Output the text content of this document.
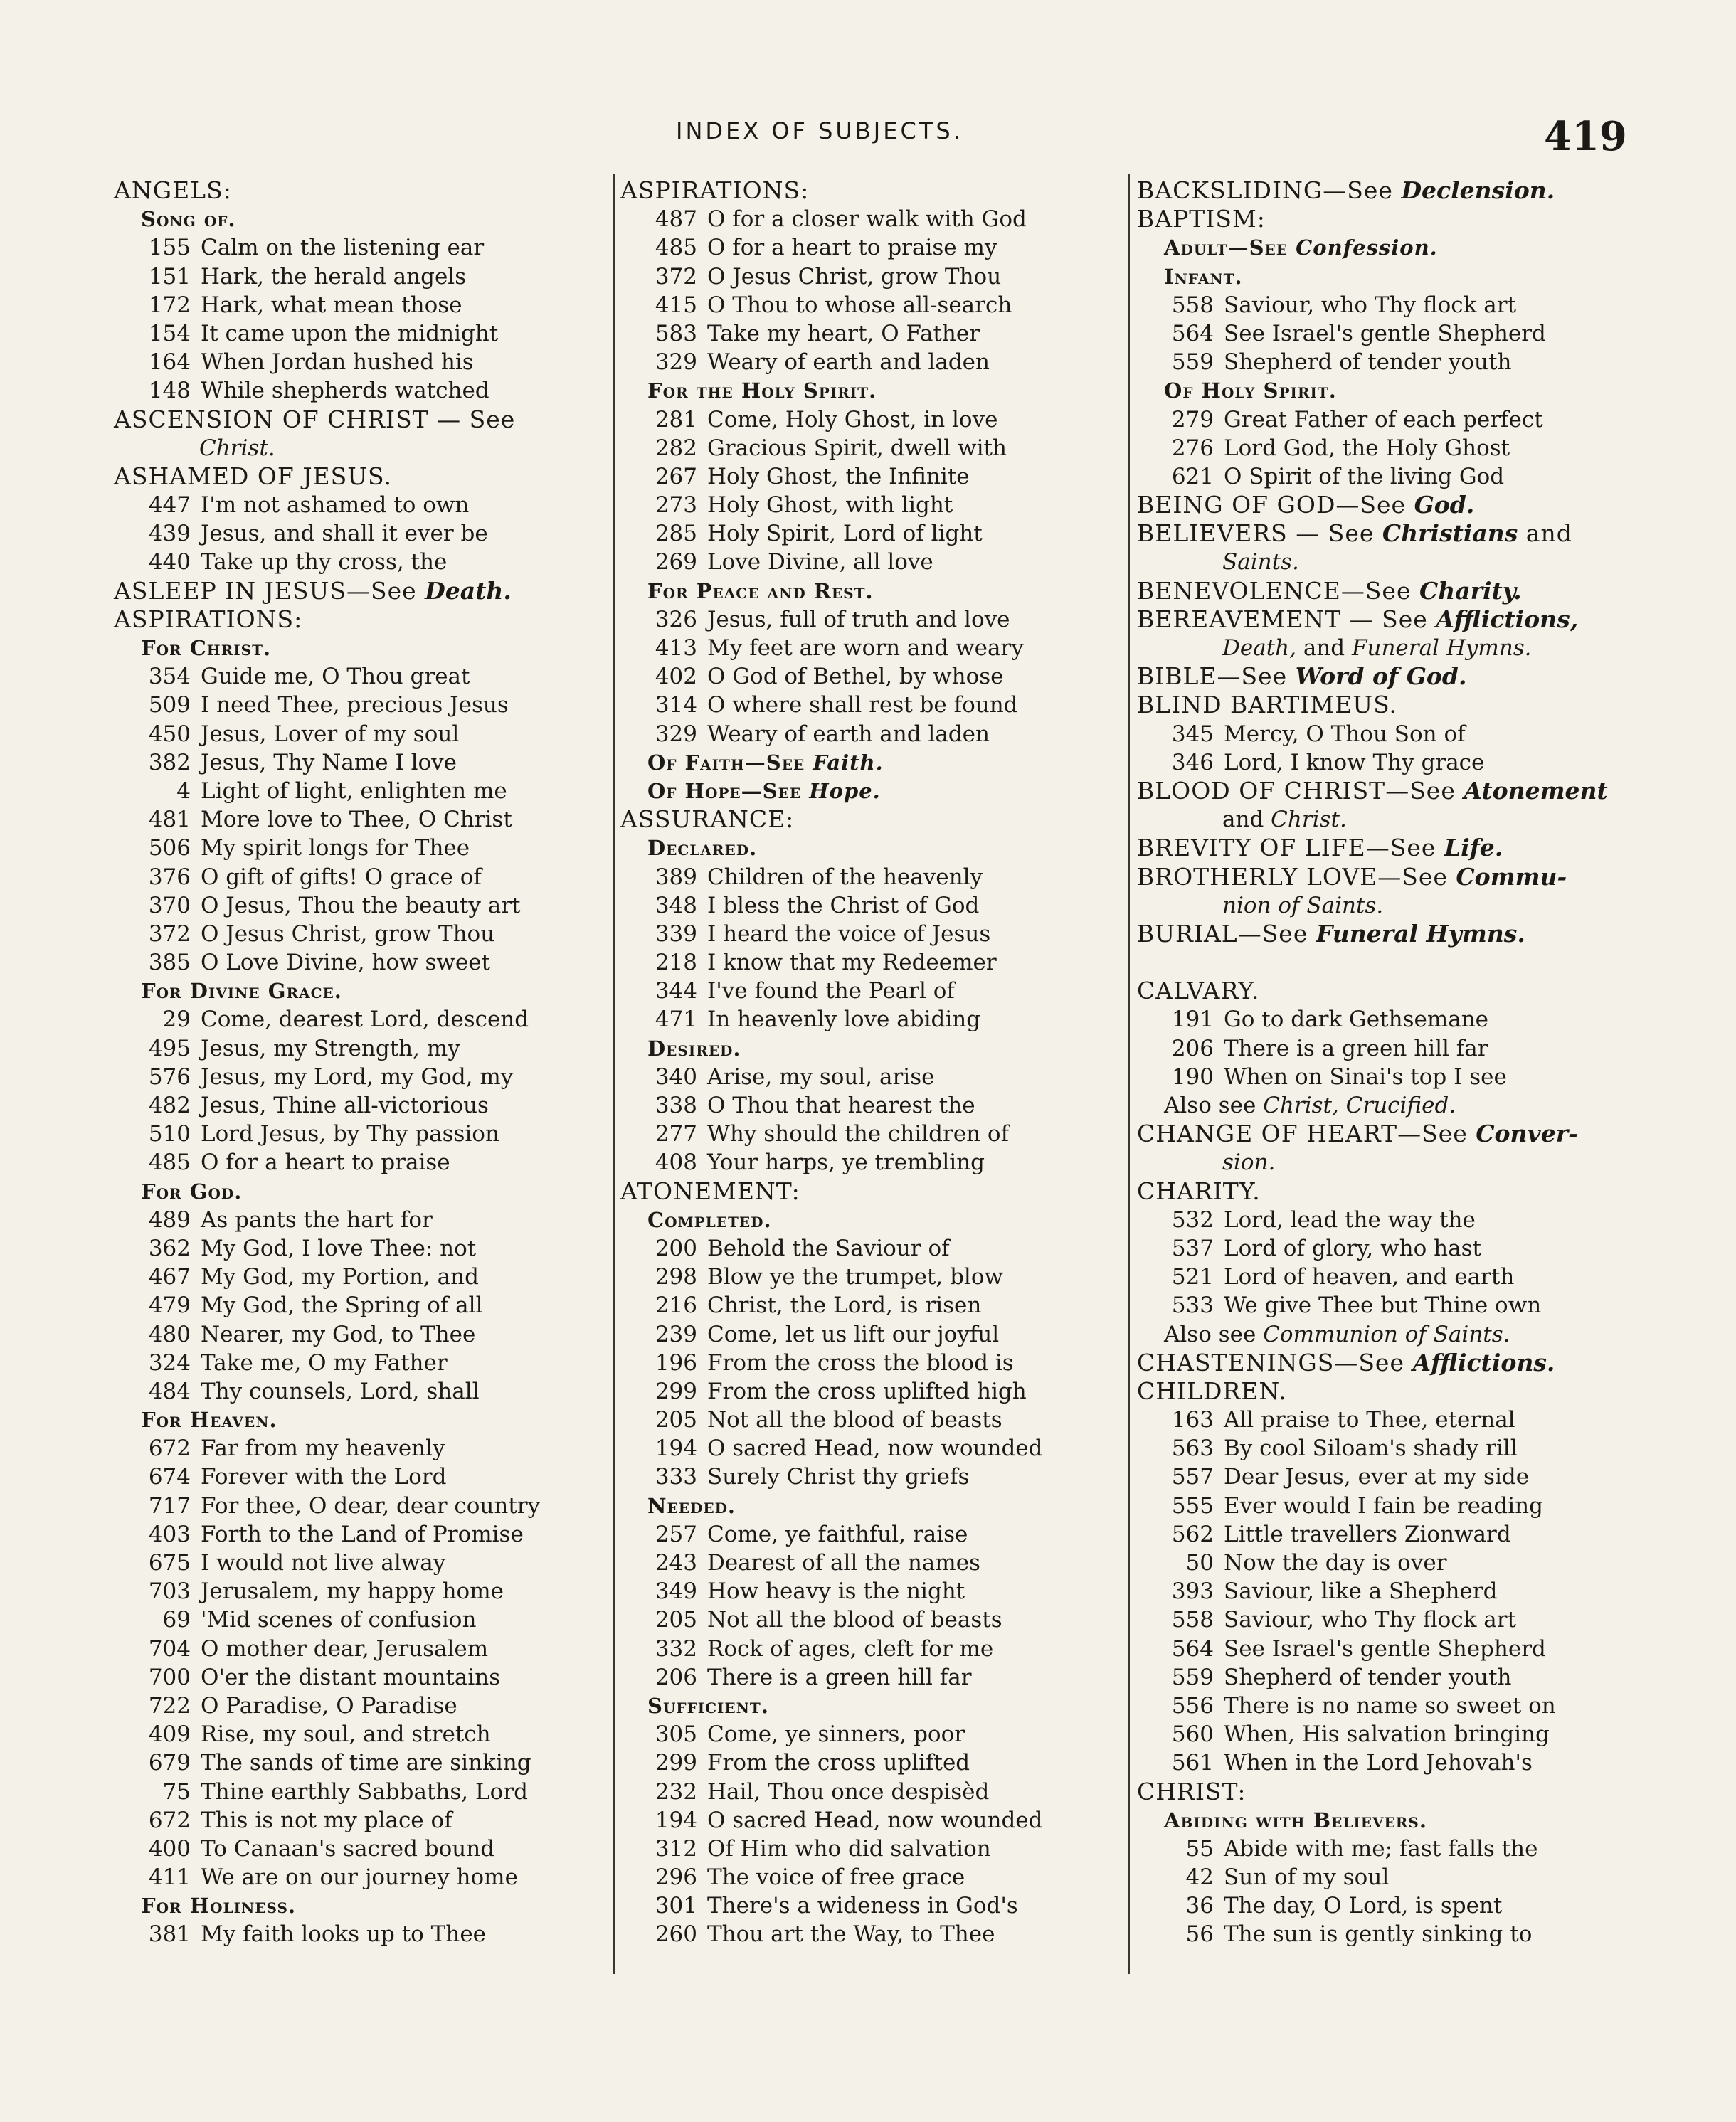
INDEX OF SUBJECTS.	419
ANGELS:
Song of.
155 Calm on the listening ear
151 Hark, the herald angels
172 Hark, what mean those
154 It came upon the midnight
164 When Jordan hushed his
148 While shepherds watched
ASCENSION OF CHRIST — See
Christ.
ASHAMED OF JESUS.
447 I'm not ashamed to own
439 Jesus, and shall it ever be
440 Take up thy cross, the
ASLEEP IN JESUS—See Death.
ASPIRATIONS:
For Christ.
354 Guide me, O Thou great
509 I need Thee, precious Jesus
450 Jesus, Lover of my soul
382 Jesus, Thy Name I love
4 Light of light, enlighten me
481 More love to Thee, O Christ
506 My spirit longs for Thee
376 O gift of gifts! O grace of
370 O Jesus, Thou the beauty art
372 O Jesus Christ, grow Thou
385 O Love Divine, how sweet
For Divine Grace.
29 Come, dearest Lord, descend
495 Jesus, my Strength, my
576 Jesus, my Lord, my God, my
482 Jesus, Thine all-victorious
510 Lord Jesus, by Thy passion
485 O for a heart to praise
For God.
489 As pants the hart for
362 My God, I love Thee: not
467 My God, my Portion, and
479 My God, the Spring of all
480 Nearer, my God, to Thee
324 Take me, O my Father
484 Thy counsels, Lord, shall
For Heaven.
672 Far from my heavenly
674 Forever with the Lord
717 For thee, O dear, dear country
403 Forth to the Land of Promise
675 I would not live alway
703 Jerusalem, my happy home
69 'Mid scenes of confusion
704 O mother dear, Jerusalem
700 O'er the distant mountains
722 O Paradise, O Paradise
409 Rise, my soul, and stretch
679 The sands of time are sinking
75 Thine earthly Sabbaths, Lord
672 This is not my place of
400 To Canaan's sacred bound
411 We are on our journey home
For Holiness.
381 My faith looks up to Thee
ASPIRATIONS:
487 O for a closer walk with God
485 O for a heart to praise my
372 O Jesus Christ, grow Thou
415 O Thou to whose all-search
583 Take my heart, O Father
329 Weary of earth and laden
For the Holy Spirit.
281 Come, Holy Ghost, in love
282 Gracious Spirit, dwell with
267 Holy Ghost, the Infinite
273 Holy Ghost, with light
285 Holy Spirit, Lord of light
269 Love Divine, all love
For Peace and Rest.
326 Jesus, full of truth and love
413 My feet are worn and weary
402 O God of Bethel, by whose
314 O where shall rest be found
329 Weary of earth and laden
Of Faith—See Faith.
Of Hope—See Hope.
ASSURANCE:
Declared.
389 Children of the heavenly
348 I bless the Christ of God
339 I heard the voice of Jesus
218 I know that my Redeemer
344 I've found the Pearl of
471 In heavenly love abiding
Desired.
340 Arise, my soul, arise
338 O Thou that hearest the
277 Why should the children of
408 Your harps, ye trembling
ATONEMENT:
Completed.
200 Behold the Saviour of
298 Blow ye the trumpet, blow
216 Christ, the Lord, is risen
239 Come, let us lift our joyful
196 From the cross the blood is
299 From the cross uplifted high
205 Not all the blood of beasts
194 O sacred Head, now wounded
333 Surely Christ thy griefs
Needed.
257 Come, ye faithful, raise
243 Dearest of all the names
349 How heavy is the night
205 Not all the blood of beasts
332 Rock of ages, cleft for me
206 There is a green hill far
Sufficient.
305 Come, ye sinners, poor
299 From the cross uplifted
232 Hail, Thou once despisèd
194 O sacred Head, now wounded
312 Of Him who did salvation
296 The voice of free grace
301 There's a wideness in God's
260 Thou art the Way, to Thee
BACKSLIDING—See Declension.
BAPTISM:
Adult—See Confession.
Infant.
558 Saviour, who Thy flock art
564 See Israel's gentle Shepherd
559 Shepherd of tender youth
Of Holy Spirit.
279 Great Father of each perfect
276 Lord God, the Holy Ghost
621 O Spirit of the living God
BEING OF GOD—See God.
BELIEVERS — See Christians and
Saints.
BENEVOLENCE—See Charity.
BEREAVEMENT — See Afflictions,
Death, and Funeral Hymns.
BIBLE—See Word of God.
BLIND BARTIMEUS.
345 Mercy, O Thou Son of
346 Lord, I know Thy grace
BLOOD OF CHRIST—See Atonement
and Christ.
BREVITY OF LIFE—See Life.
BROTHERLY LOVE—See Commu-
nion of Saints.
BURIAL—See Funeral Hymns.
CALVARY.
191 Go to dark Gethsemane
206 There is a green hill far
190 When on Sinai's top I see
Also see Christ, Crucified.
CHANGE OF HEART—See Conver-
sion.
CHARITY.
532 Lord, lead the way the
537 Lord of glory, who hast
521 Lord of heaven, and earth
533 We give Thee but Thine own
Also see Communion of Saints.
CHASTENINGS—See Afflictions.
CHILDREN.
163 All praise to Thee, eternal
563 By cool Siloam's shady rill
557 Dear Jesus, ever at my side
555 Ever would I fain be reading
562 Little travellers Zionward
50 Now the day is over
393 Saviour, like a Shepherd
558 Saviour, who Thy flock art
564 See Israel's gentle Shepherd
559 Shepherd of tender youth
556 There is no name so sweet on
560 When, His salvation bringing
561 When in the Lord Jehovah's
CHRIST:
Abiding with Believers.
55 Abide with me; fast falls the
42 Sun of my soul
36 The day, O Lord, is spent
56 The sun is gently sinking to
